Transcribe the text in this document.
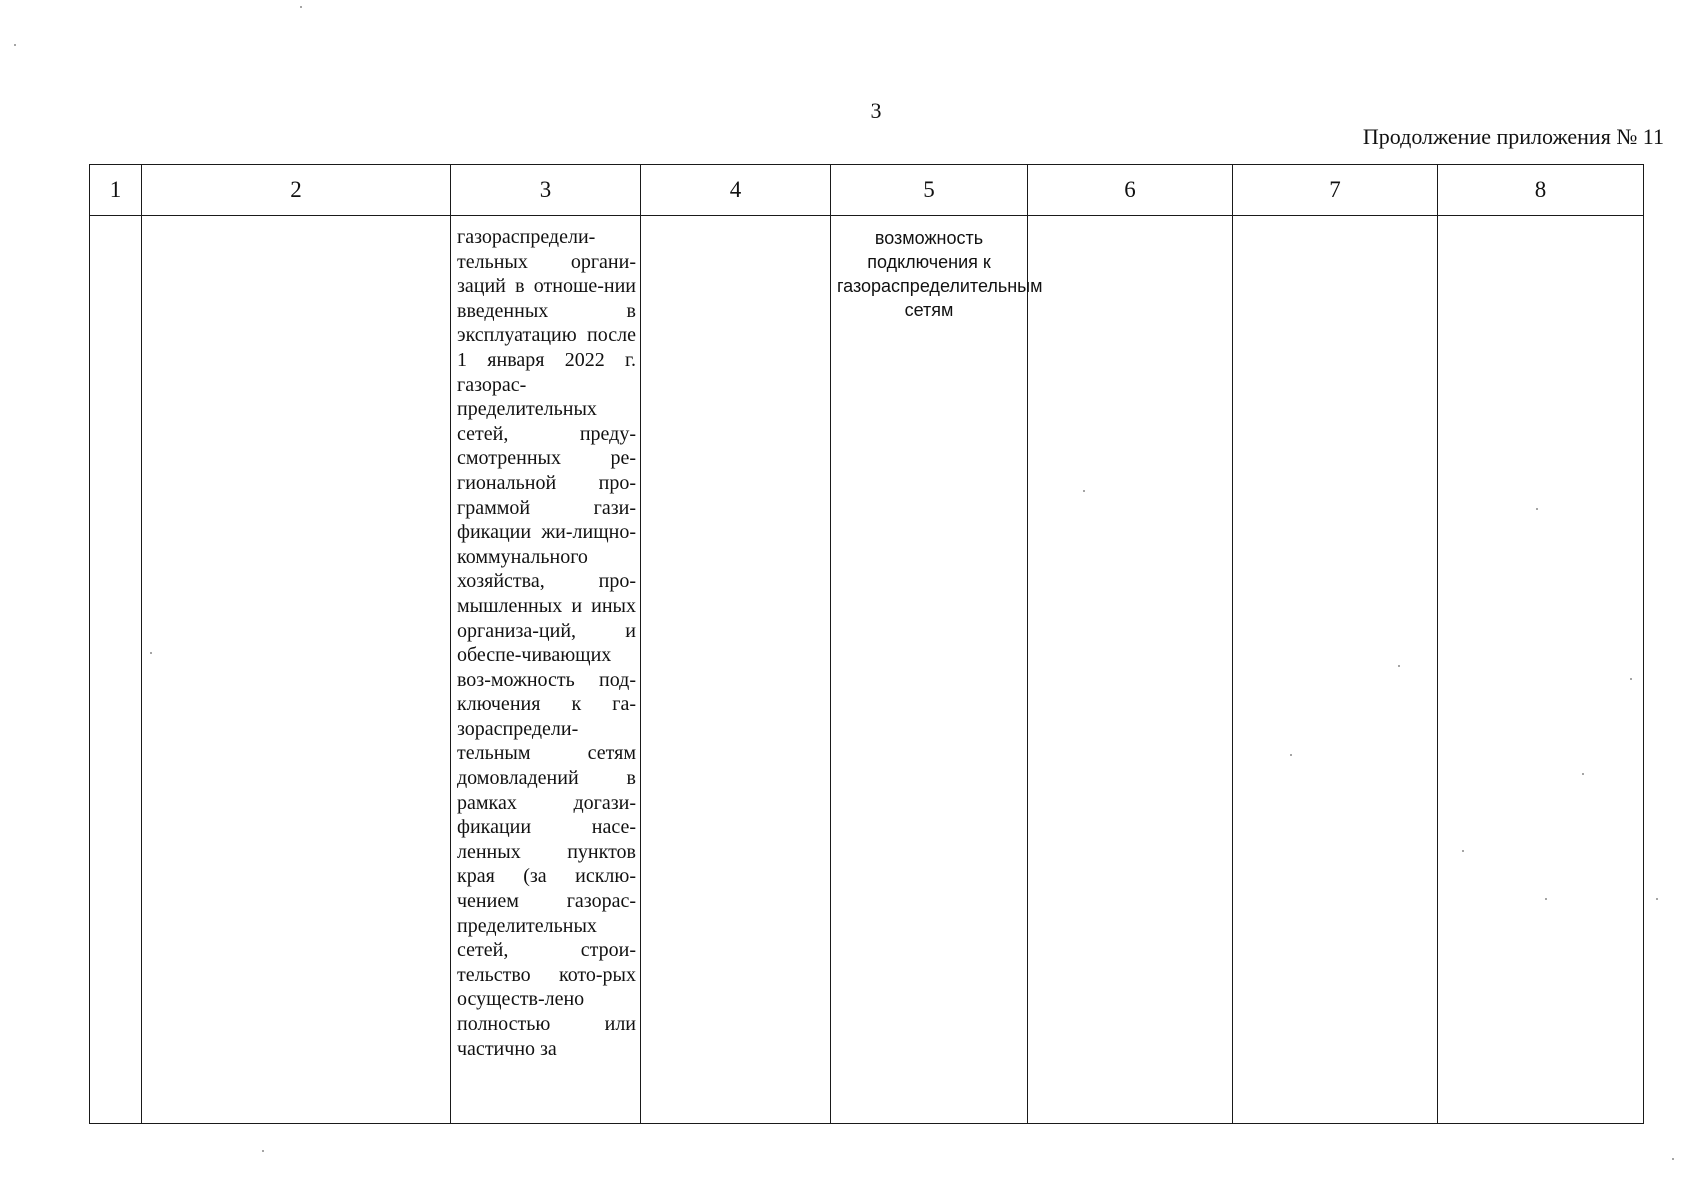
3
Продолжение приложения № 11
1	2	3	4	5	6	7	8

		газораспредели-тельных органи-заций в отноше-нии введенных в эксплуатацию после 1 января 2022 г. газорас-пределительных сетей, преду-смотренных ре-гиональной про-граммой гази-фикации жи-лищно-коммунального хозяйства, про-мышленных и иных организа-ций, и обеспе-чивающих воз-можность под-ключения к га-зораспредели-тельным сетям домовладений в рамках догази-фикации насе-ленных пунктов края (за исклю-чением газорас-пределительных сетей, строи-тельство кото-рых осуществ-лено полностью или частично за		возможность подключения к газораспределительным сетям			
